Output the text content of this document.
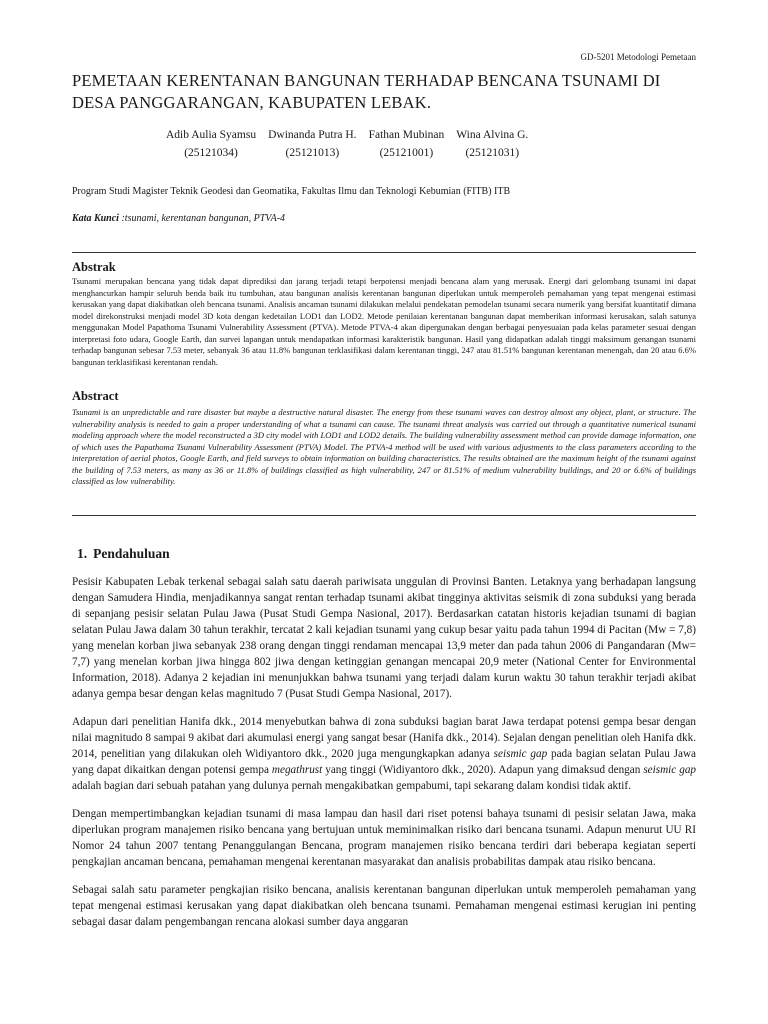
GD-5201 Metodologi Pemetaan
PEMETAAN KERENTANAN BANGUNAN TERHADAP BENCANA TSUNAMI DI DESA PANGGARANGAN, KABUPATEN LEBAK.
Adib Aulia Syamsu
(25121034)
Dwinanda Putra H.
(25121013)
Fathan Mubinan
(25121001)
Wina Alvina G.
(25121031)
Program Studi Magister Teknik Geodesi dan Geomatika, Fakultas Ilmu dan Teknologi Kebumian (FITB) ITB
Kata Kunci :tsunami, kerentanan bangunan, PTVA-4
Abstrak
Tsunami merupakan bencana yang tidak dapat diprediksi dan jarang terjadi tetapi berpotensi menjadi bencana alam yang merusak. Energi dari gelombang tsunami ini dapat menghancurkan hampir seluruh benda baik itu tumbuhan, atau bangunan analisis kerentanan bangunan diperlukan untuk memperoleh pemahaman yang tepat mengenai estimasi kerusakan yang dapat diakibatkan oleh bencana tsunami. Analisis ancaman tsunami dilakukan melalui pendekatan pemodelan tsunami secara numerik yang bersifat kuantitatif dimana model direkonstruksi menjadi model 3D kota dengan kedetailan LOD1 dan LOD2. Metode penilaian kerentanan bangunan dapat memberikan informasi kerusakan, salah satunya menggunakan Model Papathoma Tsunami Vulnerability Assessment (PTVA). Metode PTVA-4 akan dipergunakan dengan berbagai penyesuaian pada kelas parameter sesuai dengan interpretasi foto udara, Google Earth, dan survei lapangan untuk mendapatkan informasi karakteristik bangunan. Hasil yang didapatkan adalah tinggi maksimum genangan tsunami terhadap bangunan sebesar 7.53 meter, sebanyak 36 atau 11.8% bangunan terklasifikasi dalam kerentanan tinggi, 247 atau 81.51% bangunan kerentanan menengah, dan 20 atau 6.6% bangunan terklasifikasi kerentanan rendah.
Abstract
Tsunami is an unpredictable and rare disaster but maybe a destructive natural disaster. The energy from these tsunami waves can destroy almost any object, plant, or structure. The vulnerability analysis is needed to gain a proper understanding of what a tsunami can cause. The tsunami threat analysis was carried out through a quantitative numerical tsunami modeling approach where the model reconstructed a 3D city model with LOD1 and LOD2 details. The building vulnerability assessment method can provide damage information, one of which uses the Papathoma Tsunami Vulnerability Assessment (PTVA) Model. The PTVA-4 method will be used with various adjustments to the class parameters according to the interpretation of aerial photos, Google Earth, and field surveys to obtain information on building characteristics. The results obtained are the maximum height of the tsunami against the building of 7.53 meters, as many as 36 or 11.8% of buildings classified as high vulnerability, 247 or 81.51% of medium vulnerability buildings, and 20 or 6.6% of buildings classified as low vulnerability.
1. Pendahuluan

Pesisir Kabupaten Lebak terkenal sebagai salah satu daerah pariwisata unggulan di Provinsi Banten. Letaknya yang berhadapan langsung dengan Samudera Hindia, menjadikannya sangat rentan terhadap tsunami akibat tingginya aktivitas seismik di zona subduksi yang berada di sepanjang pesisir selatan Pulau Jawa (Pusat Studi Gempa Nasional, 2017). Berdasarkan catatan historis kejadian tsunami di bagian selatan Pulau Jawa dalam 30 tahun terakhir, tercatat 2 kali kejadian tsunami yang cukup besar yaitu pada tahun 1994 di Pacitan (Mw = 7,8) yang menelan korban jiwa sebanyak 238 orang dengan tinggi rendaman mencapai 13,9 meter dan pada tahun 2006 di Pangandaran (Mw= 7,7) yang menelan korban jiwa hingga 802 jiwa dengan ketinggian genangan mencapai 20,9 meter (National Center for Environmental Information, 2018). Adanya 2 kejadian ini menunjukkan bahwa tsunami yang terjadi dalam kurun waktu 30 tahun terakhir terjadi akibat adanya gempa besar dengan kelas magnitudo 7 (Pusat Studi Gempa Nasional, 2017).

Adapun dari penelitian Hanifa dkk., 2014 menyebutkan bahwa di zona subduksi bagian barat Jawa terdapat potensi gempa besar dengan nilai magnitudo 8 sampai 9 akibat dari akumulasi energi yang sangat besar (Hanifa dkk., 2014). Sejalan dengan penelitian oleh Hanifa dkk. 2014, penelitian yang dilakukan oleh Widiyantoro dkk., 2020 juga mengungkapkan adanya seismic gap pada bagian selatan Pulau Jawa yang dapat dikaitkan dengan potensi gempa megathrust yang tinggi (Widiyantoro dkk., 2020). Adapun yang dimaksud dengan seismic gap adalah bagian dari sebuah patahan yang dulunya pernah mengakibatkan gempabumi, tapi sekarang dalam kondisi tidak aktif.

Dengan mempertimbangkan kejadian tsunami di masa lampau dan hasil dari riset potensi bahaya tsunami di pesisir selatan Jawa, maka diperlukan program manajemen risiko bencana yang bertujuan untuk meminimalkan risiko dari bencana tsunami. Adapun menurut UU RI Nomor 24 tahun 2007 tentang Penanggulangan Bencana, program manajemen risiko bencana terdiri dari beberapa kegiatan seperti pengkajian ancaman bencana, pemahaman mengenai kerentanan masyarakat dan analisis probabilitas dampak atau risiko bencana.

Sebagai salah satu parameter pengkajian risiko bencana, analisis kerentanan bangunan diperlukan untuk memperoleh pemahaman yang tepat mengenai estimasi kerusakan yang dapat diakibatkan oleh bencana tsunami. Pemahaman mengenai estimasi kerugian ini penting sebagai dasar dalam pengembangan rencana alokasi sumber daya anggaran
